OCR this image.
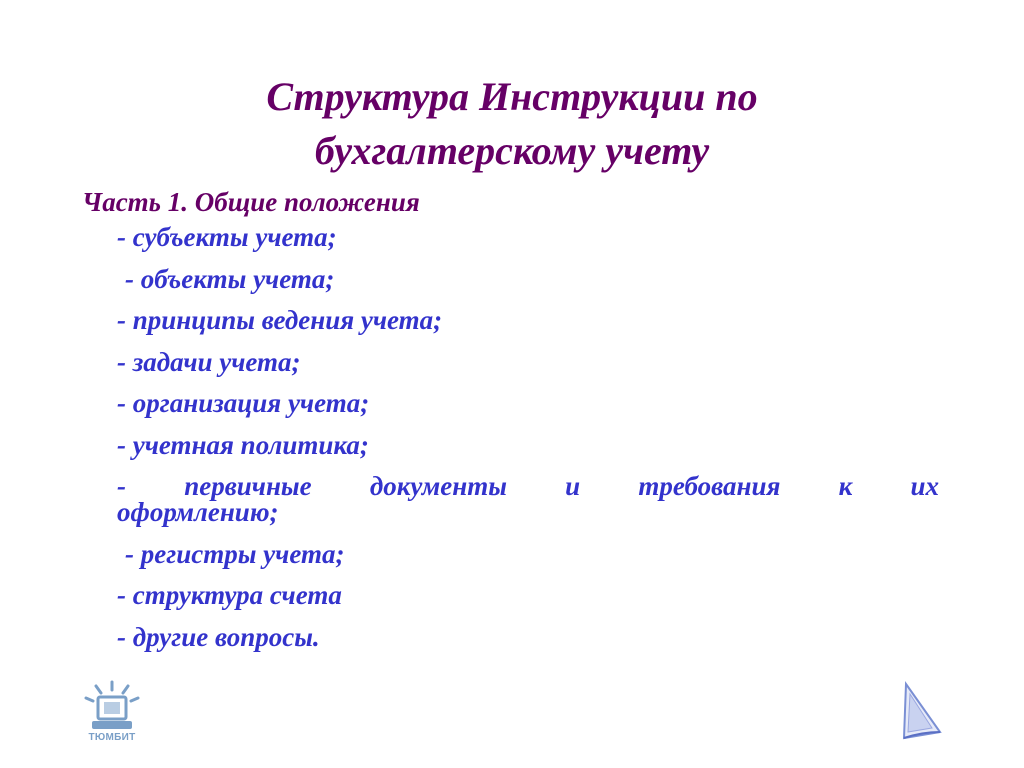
Структура Инструкции по
бухгалтерскому учету
Часть 1. Общие положения
- субъекты учета;
- объекты учета;
- принципы ведения учета;
- задачи учета;
- организация учета;
- учетная политика;
- первичные документы и требования к их
оформлению;
- регистры учета;
- структура счета
- другие вопросы.
ТЮМБИТ
